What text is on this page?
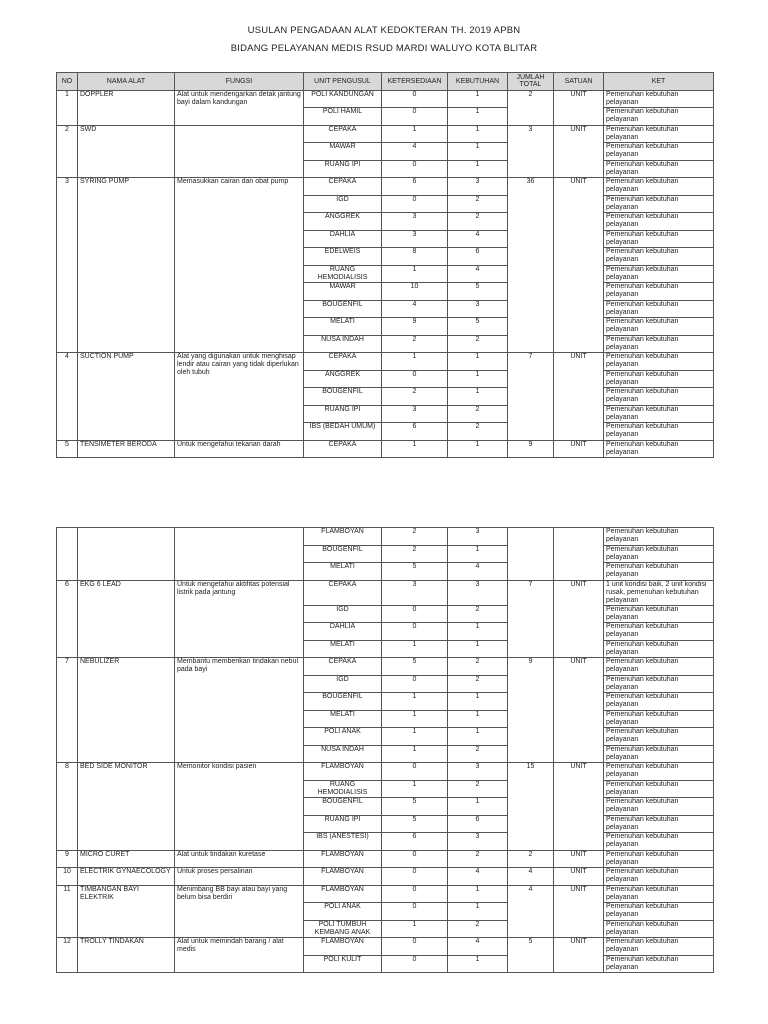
USULAN PENGADAAN ALAT KEDOKTERAN TH. 2019 APBN
BIDANG PELAYANAN MEDIS RSUD MARDI WALUYO KOTA BLITAR
NO	NAMA ALAT	FUNGSI	UNIT PENGUSUL	KETERSEDIAAN	KEBUTUHAN	JUMLAH TOTAL	SATUAN	KET
1	DOPPLER	Alat untuk mendengarkan detak jantung bayi dalam kandungan	POLI KANDUNGAN	0	1	2	UNIT	Pemenuhan kebutuhan pelayanan
			POLI HAMIL	0	1			Pemenuhan kebutuhan pelayanan
2	SWD		CEPAKA	1	1	3	UNIT	Pemenuhan kebutuhan pelayanan
			MAWAR	4	1			Pemenuhan kebutuhan pelayanan
			RUANG IPI	0	1			Pemenuhan kebutuhan pelayanan
3	SYRING PUMP	Memasukkan cairan dan obat pump	CEPAKA	6	3	36	UNIT	Pemenuhan kebutuhan pelayanan
			IGD	0	2			Pemenuhan kebutuhan pelayanan
			ANGGREK	3	2			Pemenuhan kebutuhan pelayanan
			DAHLIA	3	4			Pemenuhan kebutuhan pelayanan
			EDELWEIS	8	6			Pemenuhan kebutuhan pelayanan
			RUANG HEMODIALISIS	1	4			Pemenuhan kebutuhan pelayanan
			MAWAR	10	5			Pemenuhan kebutuhan pelayanan
			BOUGENFIL	4	3			Pemenuhan kebutuhan pelayanan
			MELATI	9	5			Pemenuhan kebutuhan pelayanan
			NUSA INDAH	2	2			Pemenuhan kebutuhan pelayanan
4	SUCTION PUMP	Alat yang digunakan untuk menghisap lendir atau cairan yang tidak diperlukan oleh tubuh	CEPAKA	1	1	7	UNIT	Pemenuhan kebutuhan pelayanan
			ANGGREK	0	1			Pemenuhan kebutuhan pelayanan
			BOUGENFIL	2	1			Pemenuhan kebutuhan pelayanan
			RUANG IPI	3	2			Pemenuhan kebutuhan pelayanan
			IBS (BEDAH UMUM)	6	2			Pemenuhan kebutuhan pelayanan
5	TENSIMETER BERODA	Untuk mengetahui tekanan darah	CEPAKA	1	1	9	UNIT	Pemenuhan kebutuhan pelayanan
			FLAMBOYAN	2	3			Pemenuhan kebutuhan pelayanan
			BOUGENFIL	2	1			Pemenuhan kebutuhan pelayanan
			MELATI	5	4			Pemenuhan kebutuhan pelayanan
6	EKG 6 LEAD	Untuk mengetahui aktifitas potensial listrik pada jantung	CEPAKA	3	3	7	UNIT	1 unit kondisi baik, 2 unit kondisi rusak, pemenuhan kebutuhan pelayanan
			IGD	0	2			Pemenuhan kebutuhan pelayanan
			DAHLIA	0	1			Pemenuhan kebutuhan pelayanan
			MELATI	1	1			Pemenuhan kebutuhan pelayanan
7	NEBULIZER	Membantu memberikan tindakan nebul pada bayi	CEPAKA	5	2	9	UNIT	Pemenuhan kebutuhan pelayanan
			IGD	0	2			Pemenuhan kebutuhan pelayanan
			BOUGENFIL	1	1			Pemenuhan kebutuhan pelayanan
			MELATI	1	1			Pemenuhan kebutuhan pelayanan
			POLI ANAK	1	1			Pemenuhan kebutuhan pelayanan
			NUSA INDAH	1	2			Pemenuhan kebutuhan pelayanan
8	BED SIDE MONITOR	Memonitor kondisi pasien	FLAMBOYAN	0	3	15	UNIT	Pemenuhan kebutuhan pelayanan
			RUANG HEMODIALISIS	1	2			Pemenuhan kebutuhan pelayanan
			BOUGENFIL	5	1			Pemenuhan kebutuhan pelayanan
			RUANG IPI	5	6			Pemenuhan kebutuhan pelayanan
			IBS (ANESTESI)	6	3			Pemenuhan kebutuhan pelayanan
9	MICRO CURET	Alat untuk tindakan kuretase	FLAMBOYAN	0	2	2	UNIT	Pemenuhan kebutuhan pelayanan
10	ELECTRIK GYNAECOLOGY	Untuk proses persalinan	FLAMBOYAN	0	4	4	UNIT	Pemenuhan kebutuhan pelayanan
11	TIMBANGAN BAYI ELEKTRIK	Menimbang BB bayi atau bayi yang belum bisa berdiri	FLAMBOYAN	0	1	4	UNIT	Pemenuhan kebutuhan pelayanan
			POLI ANAK	0	1			Pemenuhan kebutuhan pelayanan
			POLI TUMBUH KEMBANG ANAK	1	2			Pemenuhan kebutuhan pelayanan
12	TROLLY TINDAKAN	Alat untuk memindah barang / alat medis	FLAMBOYAN	0	4	5	UNIT	Pemenuhan kebutuhan pelayanan
			POLI KULIT	0	1			Pemenuhan kebutuhan pelayanan
